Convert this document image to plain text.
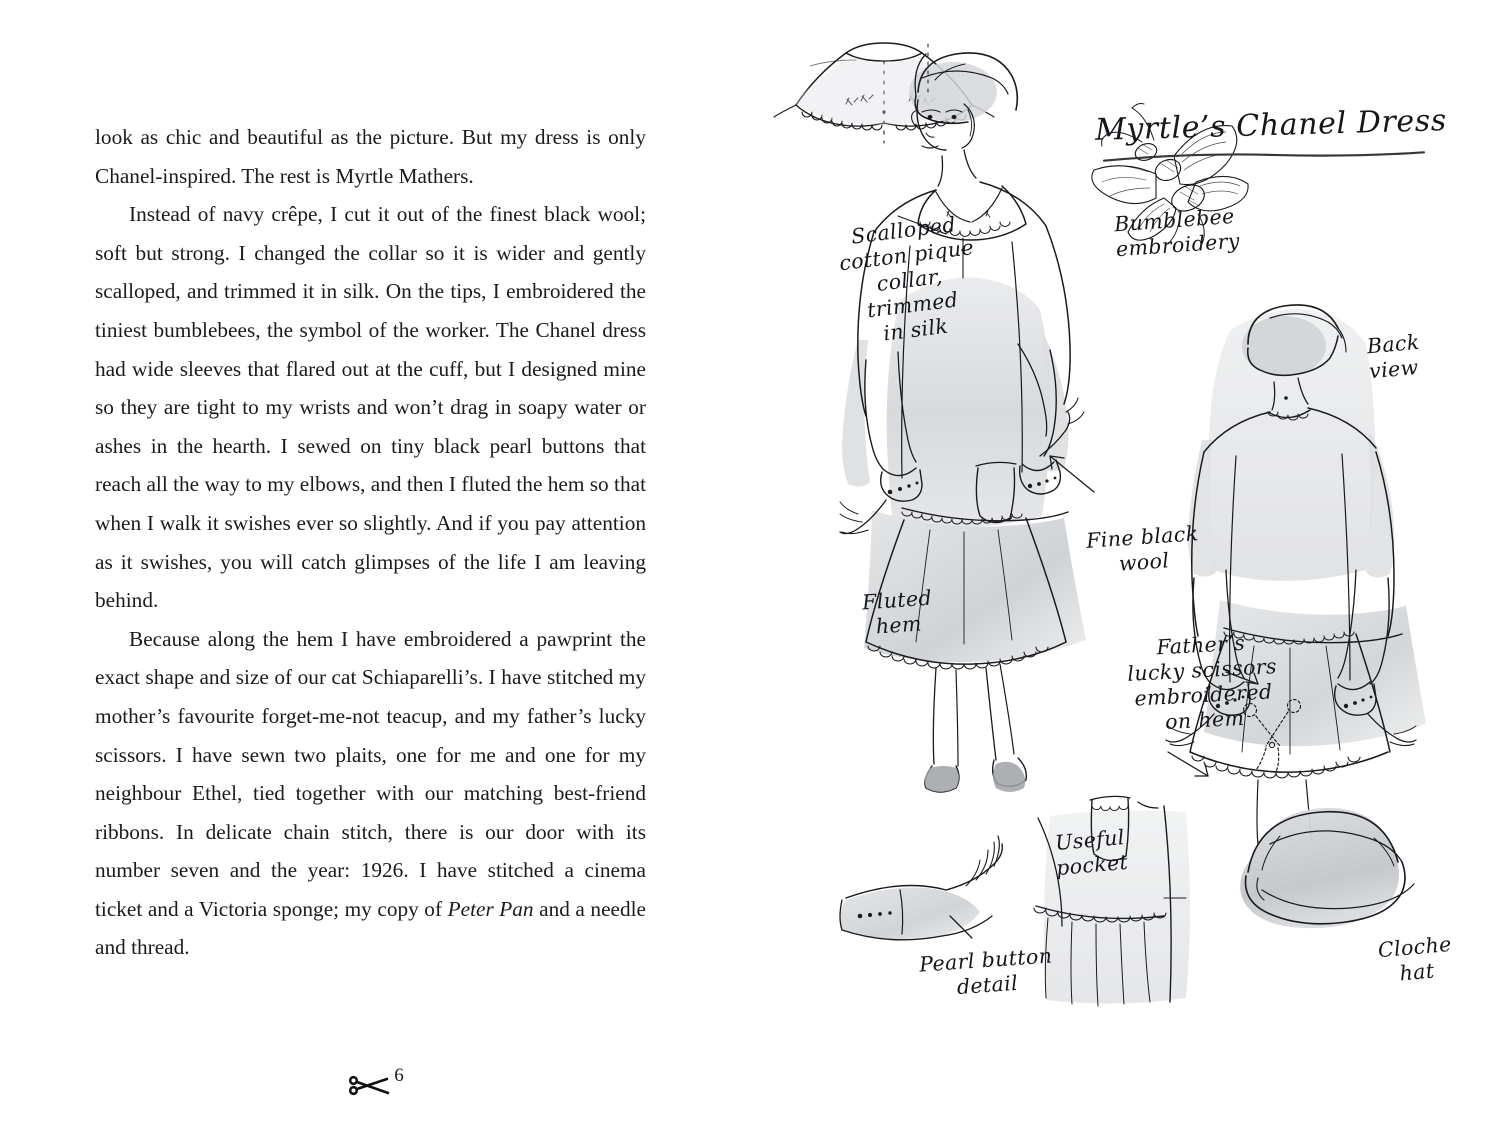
look as chic and beautiful as the picture. But my dress is only Chanel-inspired. The rest is Myrtle Mathers.

Instead of navy crêpe, I cut it out of the finest black wool; soft but strong. I changed the collar so it is wider and gently scalloped, and trimmed it in silk. On the tips, I embroidered the tiniest bumblebees, the symbol of the worker. The Chanel dress had wide sleeves that flared out at the cuff, but I designed mine so they are tight to my wrists and won’t drag in soapy water or ashes in the hearth. I sewed on tiny black pearl buttons that reach all the way to my elbows, and then I fluted the hem so that when I walk it swishes ever so slightly. And if you pay attention as it swishes, you will catch glimpses of the life I am leaving behind.

Because along the hem I have embroidered a pawprint the exact shape and size of our cat Schiaparelli’s. I have stitched my mother’s favourite forget-me-not teacup, and my father’s lucky scissors. I have sewn two plaits, one for me and one for my neighbour Ethel, tied together with our matching best-friend ribbons. In delicate chain stitch, there is our door with its number seven and the year: 1926. I have stitched a cinema ticket and a Victoria sponge; my copy of Peter Pan and a needle and thread.

6
Myrtle’s Chanel Dress
Scalloped
cotton pique
collar,
trimmed
in silk
Bumblebee
embroidery
Back
view
Fine black
wool
Fluted
hem
Father’s
lucky scissors
embroidered
on hem
Useful
pocket
Pearl button
detail
Cloche
hat
